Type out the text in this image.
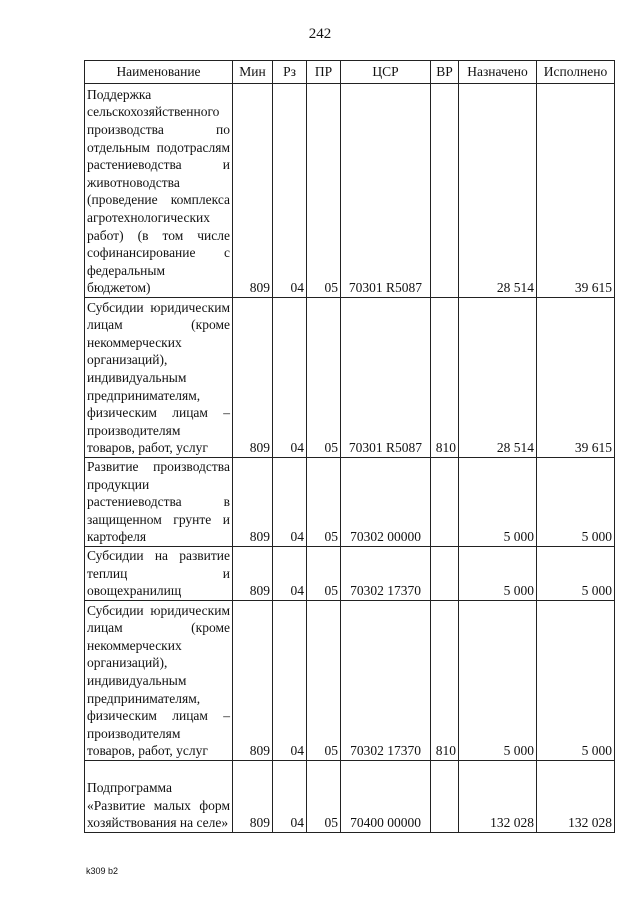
242
Наименование	Мин	Рз	ПР	ЦСР	ВР	Назначено	Исполнено
Поддержка сельскохозяйственного производства по отдельным подотраслям растениеводства и животноводства (проведение комплекса агротехнологических работ) (в том числе софинансирование с федеральным бюджетом)	809	04	05	70301 R5087		28 514	39 615
Субсидии юридическим лицам (кроме некоммерческих организаций), индивидуальным предпринимателям, физическим лицам – производителям товаров, работ, услуг	809	04	05	70301 R5087	810	28 514	39 615
Развитие производства продукции растениеводства в защищенном грунте и картофеля	809	04	05	70302 00000		5 000	5 000
Субсидии на развитие теплиц и овощехранилищ	809	04	05	70302 17370		5 000	5 000
Субсидии юридическим лицам (кроме некоммерческих организаций), индивидуальным предпринимателям, физическим лицам – производителям товаров, работ, услуг	809	04	05	70302 17370	810	5 000	5 000
Подпрограмма «Развитие малых форм хозяйствования на селе»	809	04	05	70400 00000		132 028	132 028
k309 b2
